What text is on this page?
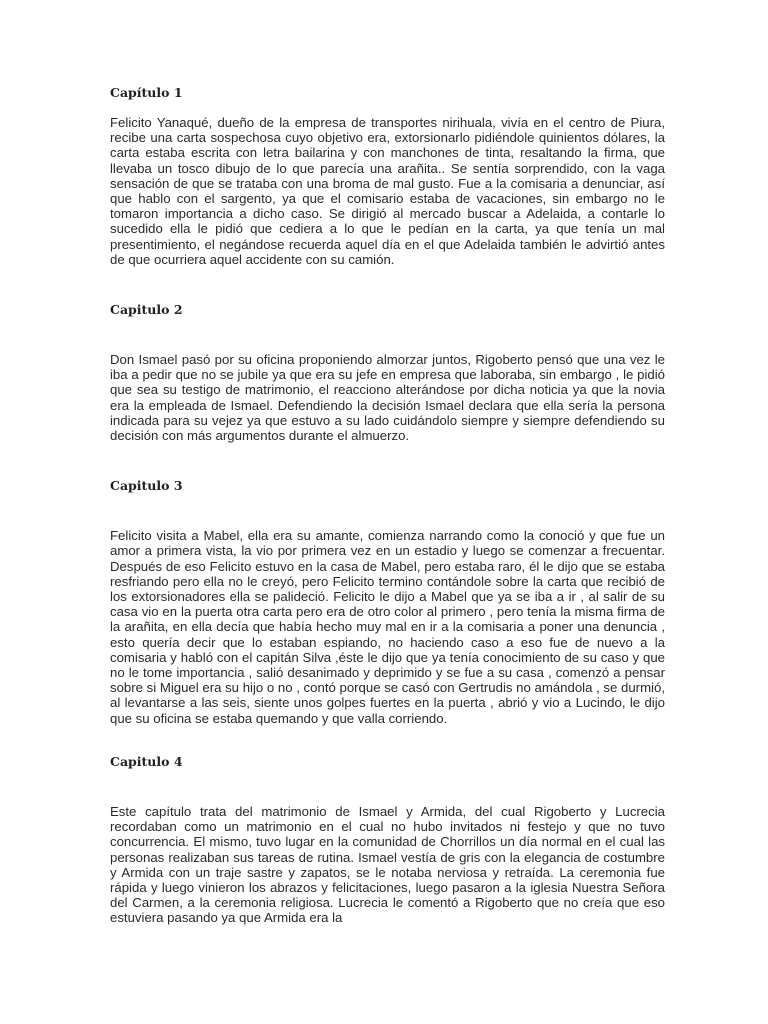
Capítulo 1

Felicito Yanaqué, dueño de la empresa de transportes nirihuala, vivía en el centro de Piura, recibe una carta sospechosa cuyo objetivo era, extorsionarlo pidiéndole quinientos dólares, la carta estaba escrita con letra bailarina y con manchones de tinta, resaltando la firma, que llevaba un tosco dibujo de lo que parecía una arañita.. Se sentía sorprendido, con la vaga sensación de que se trataba con una broma de mal gusto. Fue a la comisaria a denunciar, así que hablo con el sargento, ya que el comisario estaba de vacaciones, sin embargo no le tomaron importancia a dicho caso. Se dirigió al mercado buscar a Adelaida, a contarle lo sucedido ella le pidió que cediera a lo que le pedían en la carta, ya que tenía un mal presentimiento, el negándose recuerda aquel día en el que Adelaida también le advirtió antes de que ocurriera aquel accidente con su camión.

Capitulo 2

Don Ismael pasó por su oficina proponiendo almorzar juntos, Rigoberto pensó que una vez le iba a pedir que no se jubile ya que era su jefe en empresa que laboraba, sin embargo , le pidió que sea su testigo de matrimonio, el reacciono alterándose por dicha noticia ya que la novia era la empleada de Ismael. Defendiendo la decisión Ismael declara que ella sería la persona indicada para su vejez ya que estuvo a su lado cuidándolo siempre y siempre defendiendo su decisión con más argumentos durante el almuerzo.

Capitulo 3

Felicito visita a Mabel, ella era su amante, comienza narrando como la conoció y que fue un amor a primera vista, la vio por primera vez en un estadio y luego se comenzar a frecuentar. Después de eso Felicito estuvo en la casa de Mabel, pero estaba raro, él le dijo que se estaba resfriando pero ella no le creyó, pero Felicito termino contándole sobre la carta que recibió de los extorsionadores ella se palideció. Felicito le dijo a Mabel que ya se iba a ir , al salir de su casa vio en la puerta otra carta pero era de otro color al primero , pero tenía la misma firma de la arañita, en ella decía que había hecho muy mal en ir a la comisaria a poner una denuncia , esto quería decir que lo estaban espiando, no haciendo caso a eso fue de nuevo a la comisaria y habló con el capitán Silva ,éste le dijo que ya tenía conocimiento de su caso y que no le tome importancia , salió desanimado y deprimido y se fue a su casa , comenzó a pensar sobre si Miguel era su hijo o no , contó porque se casó con Gertrudis no amándola , se durmió, al levantarse a las seis, siente unos golpes fuertes en la puerta , abrió y vio a Lucindo, le dijo que su oficina se estaba quemando y que valla corriendo.

Capitulo 4

Este capítulo trata del matrimonio de Ismael y Armida, del cual Rigoberto y Lucrecia recordaban como un matrimonio en el cual no hubo invitados ni festejo y que no tuvo concurrencia. El mismo, tuvo lugar en la comunidad de Chorrillos un día normal en el cual las personas realizaban sus tareas de rutina. Ismael vestía de gris con la elegancia de costumbre y Armida con un traje sastre y zapatos, se le notaba nerviosa y retraída. La ceremonia fue rápida y luego vinieron los abrazos y felicitaciones, luego pasaron a la iglesia Nuestra Señora del Carmen, a la ceremonia religiosa. Lucrecia le comentó a Rigoberto que no creía que eso estuviera pasando ya que Armida era la
